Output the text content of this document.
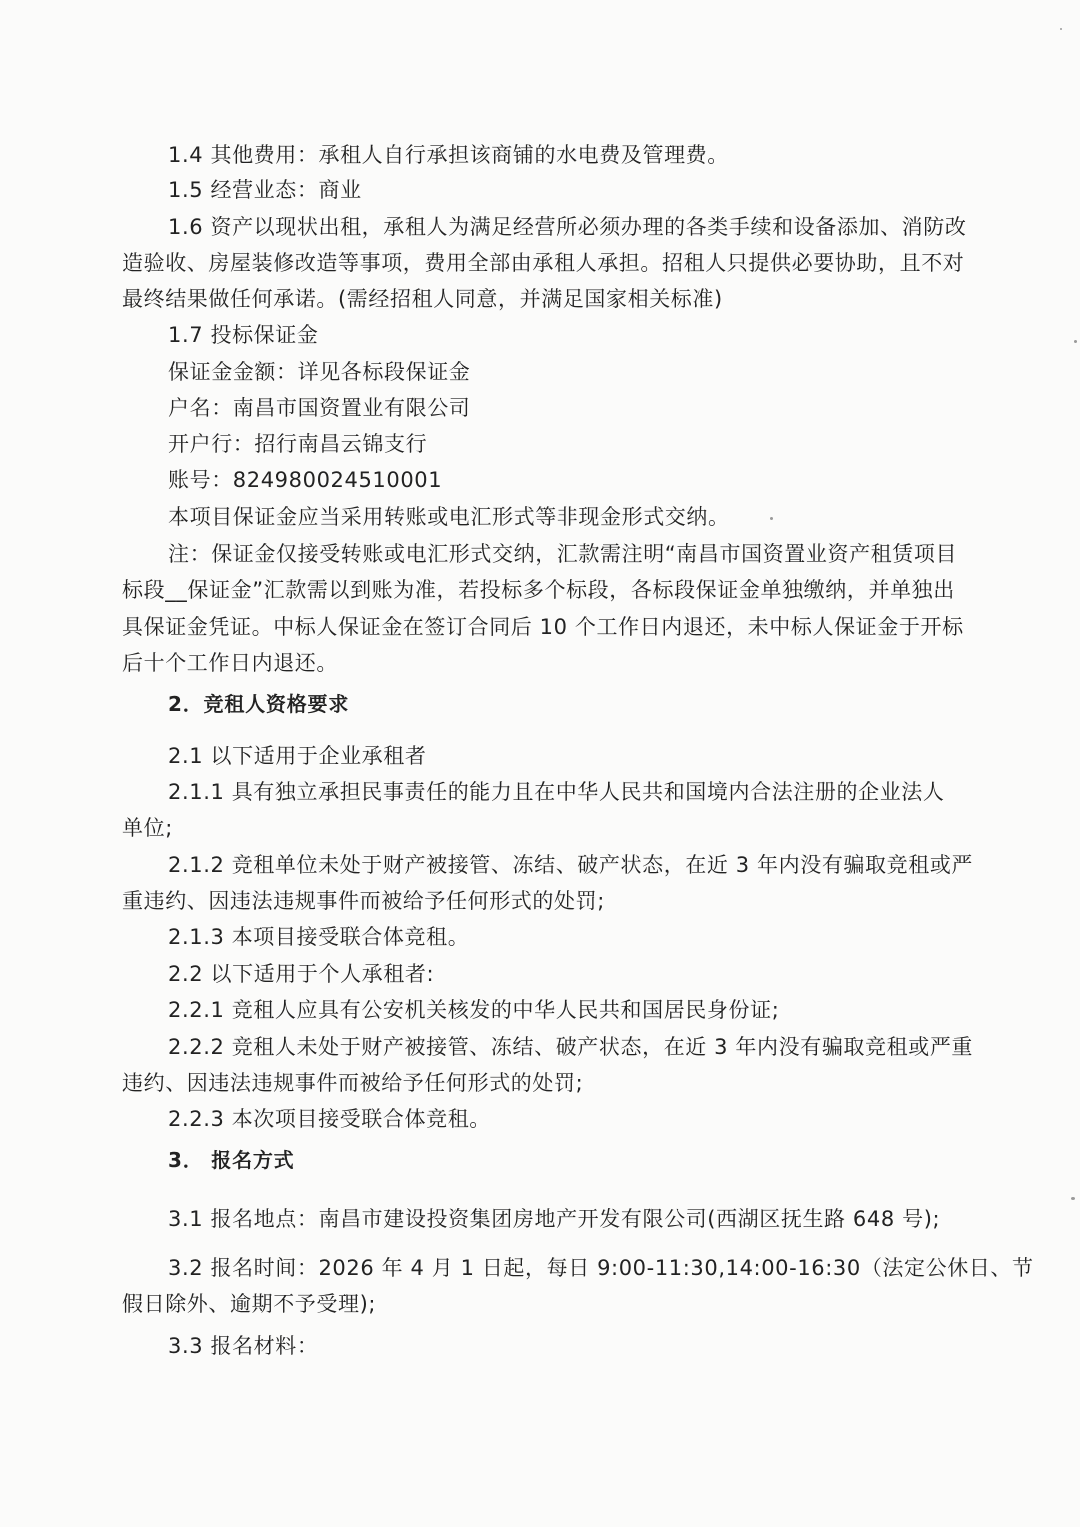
1.4 其他费用：承租人自行承担该商铺的水电费及管理费。
1.5 经营业态：商业
1.6 资产以现状出租，承租人为满足经营所必须办理的各类手续和设备添加、消防改
造验收、房屋装修改造等事项，费用全部由承租人承担。招租人只提供必要协助，且不对
最终结果做任何承诺。(需经招租人同意，并满足国家相关标准)
1.7 投标保证金
保证金金额：详见各标段保证金
户名：南昌市国资置业有限公司
开户行：招行南昌云锦支行
账号：824980024510001
本项目保证金应当采用转账或电汇形式等非现金形式交纳。
注：保证金仅接受转账或电汇形式交纳，汇款需注明“南昌市国资置业资产租赁项目
标段__保证金”汇款需以到账为准，若投标多个标段，各标段保证金单独缴纳，并单独出
具保证金凭证。中标人保证金在签订合同后 10 个工作日内退还，未中标人保证金于开标
后十个工作日内退还。
2．竞租人资格要求
2.1 以下适用于企业承租者
2.1.1 具有独立承担民事责任的能力且在中华人民共和国境内合法注册的企业法人
单位;
2.1.2 竞租单位未处于财产被接管、冻结、破产状态，在近 3 年内没有骗取竞租或严
重违约、因违法违规事件而被给予任何形式的处罚;
2.1.3 本项目接受联合体竞租。
2.2 以下适用于个人承租者:
2.2.1 竞租人应具有公安机关核发的中华人民共和国居民身份证;
2.2.2 竞租人未处于财产被接管、冻结、破产状态，在近 3 年内没有骗取竞租或严重
违约、因违法违规事件而被给予任何形式的处罚;
2.2.3 本次项目接受联合体竞租。
3． 报名方式
3.1 报名地点：南昌市建设投资集团房地产开发有限公司(西湖区抚生路 648 号);
3.2 报名时间：2026 年 4 月 1 日起，每日 9:00-11:30,14:00-16:30（法定公休日、节
假日除外、逾期不予受理);
3.3 报名材料：
